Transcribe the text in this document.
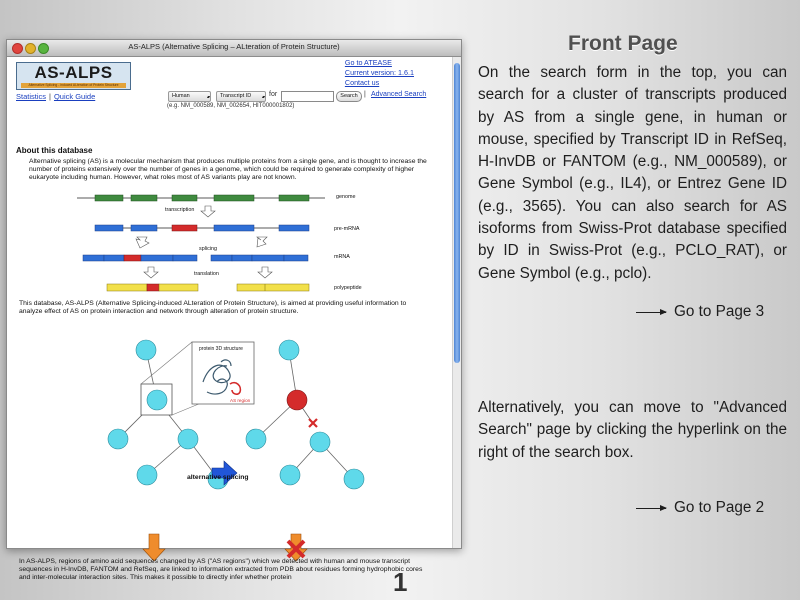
AS-ALPS (Alternative Splicing – ALteration of Protein Structure)
AS-ALPS
Alternative Splicing - induced ALteration of Protein Structure
Go to ATEASE
Current version: 1.6.1
Contact us
Statistics | Quick Guide	Human ▴▾	Transcript ID ▴▾	for	Search | Advanced Search
(e.g. NM_000589, NM_002654, HIT000001802)
About this database
Alternative splicing (AS) is a molecular mechanism that produces multiple proteins from a single gene, and is thought to increase the number of proteins extensively over the number of genes in a genome, which could be required to generate complexity of higher eukaryote including human. However, what roles most of AS variants play are not known.
genome
transcription
pre-mRNA
splicing
mRNA
translation
polypeptide
This database, AS-ALPS (Alternative Splicing-induced ALteration of Protein Structure), is aimed at providing useful information to analyze effect of AS on protein interaction and network through alteration of protein structure.
protein 3D structure
AS region
alternative splicing
In AS-ALPS, regions of amino acid sequences changed by AS ("AS regions") which we detected with human and mouse transcript sequences in H-InvDB, FANTOM and RefSeq, are linked to information extracted from PDB about residues forming hydrophobic cores and inter-molecular interaction sites. This makes it possible to directly infer whether protein
Front Page
On the search form in the top, you can search for a cluster of transcripts produced by AS from a single gene, in human or mouse, specified by Transcript ID in RefSeq, H-InvDB or FANTOM (e.g., NM_000589), or Gene Symbol (e.g., IL4), or Entrez Gene ID (e.g., 3565). You can also search for AS isoforms from Swiss-Prot database specified by ID in Swiss-Prot (e.g., PCLO_RAT), or Gene Symbol (e.g., pclo).
Go to Page 3
Alternatively, you can move to "Advanced Search" page by clicking the hyperlink on the right of the search box.
Go to Page 2
1
